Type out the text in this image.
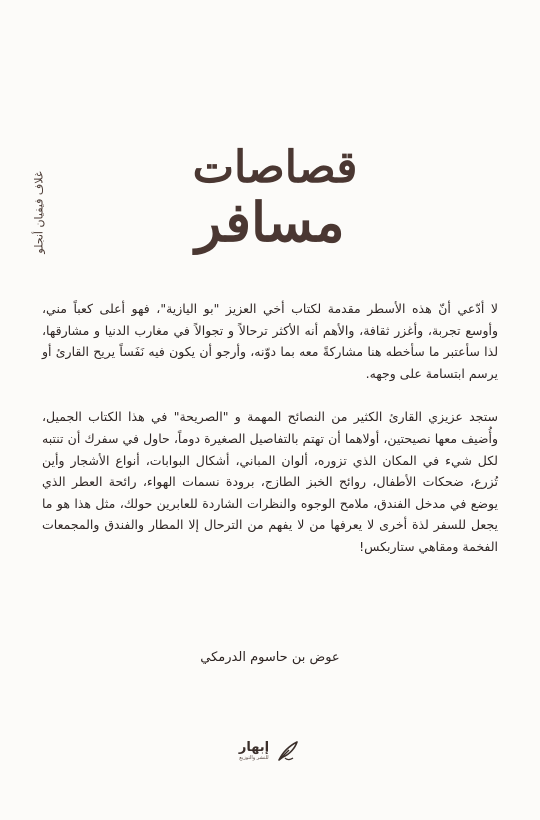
غلاف فيفيان أنجلو
قصاصات
مسافر

لا أدّعي أنّ هذه الأسطر مقدمة لكتاب أخي العزيز "بو اليازية"، فهو أعلى كعباً مني، وأوسع تجربة، وأغزر ثقافة، والأهم أنه الأكثر ترحالاً و تجوالاً في مغارب الدنيا و مشارقها، لذا سأعتبر ما سأخطه هنا مشاركةً معه بما دوّنه، وأرجو أن يكون فيه نَفَساً يريح القارئ أو يرسم ابتسامة على وجهه.

ستجد عزيزي القارئ الكثير من النصائح المهمة و "الصريحة" في هذا الكتاب الجميل، وأُضيف معها نصيحتين، أولاهما أن تهتم بالتفاصيل الصغيرة دوماً، حاول في سفرك أن تنتبه لكل شيء في المكان الذي تزوره، ألوان المباني، أشكال البوابات، أنواع الأشجار وأين تُزرع، ضحكات الأطفال، روائح الخبز الطازج، برودة نسمات الهواء، رائحة العطر الذي يوضع في مدخل الفندق، ملامح الوجوه والنظرات الشاردة للعابرين حولك، مثل هذا هو ما يجعل للسفر لذة أخرى لا يعرفها من لا يفهم من الترحال إلا المطار والفندق والمجمعات الفخمة ومقاهي ستاربكس!

عوض بن حاسوم الدرمكي
إبهار
للنشر والتوزيع
